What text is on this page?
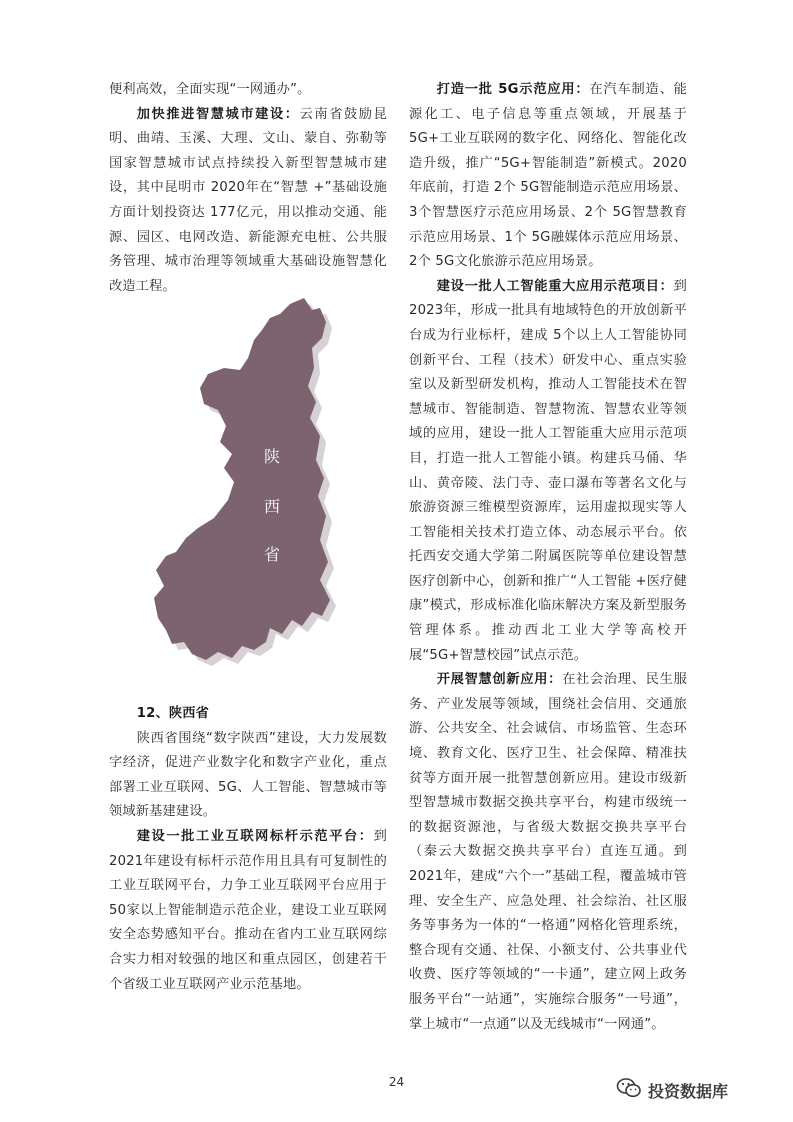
便利高效，全面实现“一网通办”。

加快推进智慧城市建设：云南省鼓励昆明、曲靖、玉溪、大理、文山、蒙自、弥勒等国家智慧城市试点持续投入新型智慧城市建设，其中昆明市 2020年在“智慧 +”基础设施方面计划投资达 177亿元，用以推动交通、能源、园区、电网改造、新能源充电桩、公共服务管理、城市治理等领域重大基础设施智慧化改造工程。

陕
西
省

12、陕西省

陕西省围绕“数字陕西”建设，大力发展数字经济，促进产业数字化和数字产业化，重点部署工业互联网、5G、人工智能、智慧城市等领域新基建建设。

建设一批工业互联网标杆示范平台：到2021年建设有标杆示范作用且具有可复制性的工业互联网平台，力争工业互联网平台应用于50家以上智能制造示范企业，建设工业互联网安全态势感知平台。推动在省内工业互联网综合实力相对较强的地区和重点园区，创建若干个省级工业互联网产业示范基地。

打造一批 5G示范应用：在汽车制造、能源化工、电子信息等重点领域，开展基于 5G+工业互联网的数字化、网络化、智能化改造升级，推广“5G+智能制造”新模式。2020年底前，打造 2个 5G智能制造示范应用场景、3个智慧医疗示范应用场景、2个 5G智慧教育示范应用场景、1个 5G融媒体示范应用场景、2个 5G文化旅游示范应用场景。

建设一批人工智能重大应用示范项目：到2023年，形成一批具有地域特色的开放创新平台成为行业标杆，建成 5个以上人工智能协同创新平台、工程（技术）研发中心、重点实验室以及新型研发机构，推动人工智能技术在智慧城市、智能制造、智慧物流、智慧农业等领域的应用，建设一批人工智能重大应用示范项目，打造一批人工智能小镇。构建兵马俑、华山、黄帝陵、法门寺、壶口瀑布等著名文化与旅游资源三维模型资源库，运用虚拟现实等人工智能相关技术打造立体、动态展示平台。依托西安交通大学第二附属医院等单位建设智慧医疗创新中心，创新和推广“人工智能 +医疗健康”模式，形成标准化临床解决方案及新型服务管理体系。推动西北工业大学等高校开展“5G+智慧校园”试点示范。

开展智慧创新应用：在社会治理、民生服务、产业发展等领域，围绕社会信用、交通旅游、公共安全、社会诚信、市场监管、生态环境、教育文化、医疗卫生、社会保障、精准扶贫等方面开展一批智慧创新应用。建设市级新型智慧城市数据交换共享平台，构建市级统一的数据资源池，与省级大数据交换共享平台（秦云大数据交换共享平台）直连互通。到 2021年，建成“六个一”基础工程，覆盖城市管理、安全生产、应急处理、社会综治、社区服务等事务为一体的“一格通”网格化管理系统，整合现有交通、社保、小额支付、公共事业代收费、医疗等领域的“一卡通”，建立网上政务服务平台“一站通”，实施综合服务“一号通”，掌上城市“一点通”以及无线城市“一网通”。

24	投资数据库
